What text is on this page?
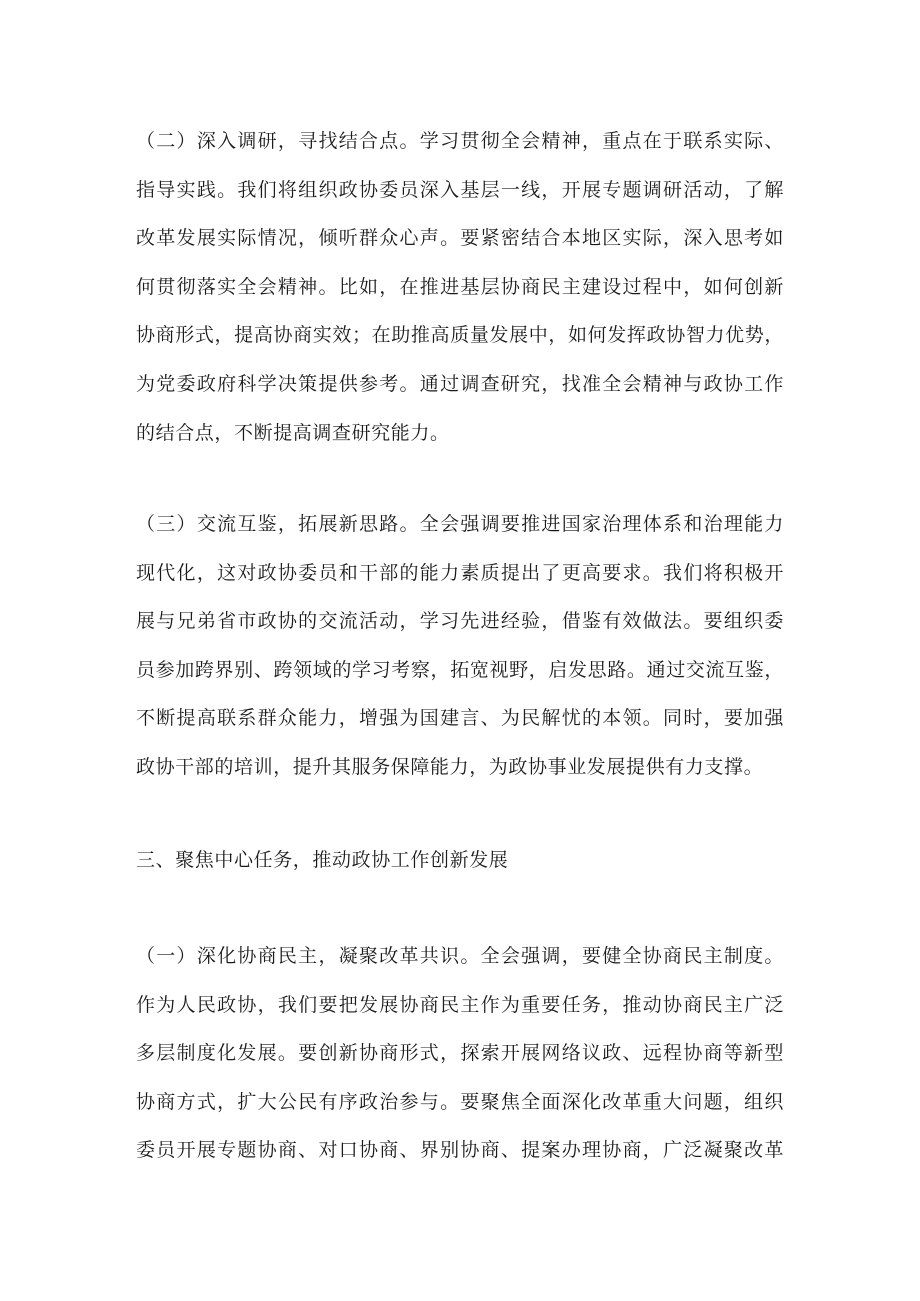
（二）深入调研，寻找结合点。学习贯彻全会精神，重点在于联系实际、
指导实践。我们将组织政协委员深入基层一线，开展专题调研活动，了解
改革发展实际情况，倾听群众心声。要紧密结合本地区实际，深入思考如
何贯彻落实全会精神。比如，在推进基层协商民主建设过程中，如何创新
协商形式，提高协商实效；在助推高质量发展中，如何发挥政协智力优势，
为党委政府科学决策提供参考。通过调查研究，找准全会精神与政协工作
的结合点，不断提高调查研究能力。
（三）交流互鉴，拓展新思路。全会强调要推进国家治理体系和治理能力
现代化，这对政协委员和干部的能力素质提出了更高要求。我们将积极开
展与兄弟省市政协的交流活动，学习先进经验，借鉴有效做法。要组织委
员参加跨界别、跨领域的学习考察，拓宽视野，启发思路。通过交流互鉴，
不断提高联系群众能力，增强为国建言、为民解忧的本领。同时，要加强
政协干部的培训，提升其服务保障能力，为政协事业发展提供有力支撑。
三、聚焦中心任务，推动政协工作创新发展
（一）深化协商民主，凝聚改革共识。全会强调，要健全协商民主制度。
作为人民政协，我们要把发展协商民主作为重要任务，推动协商民主广泛
多层制度化发展。要创新协商形式，探索开展网络议政、远程协商等新型
协商方式，扩大公民有序政治参与。要聚焦全面深化改革重大问题，组织
委员开展专题协商、对口协商、界别协商、提案办理协商，广泛凝聚改革
